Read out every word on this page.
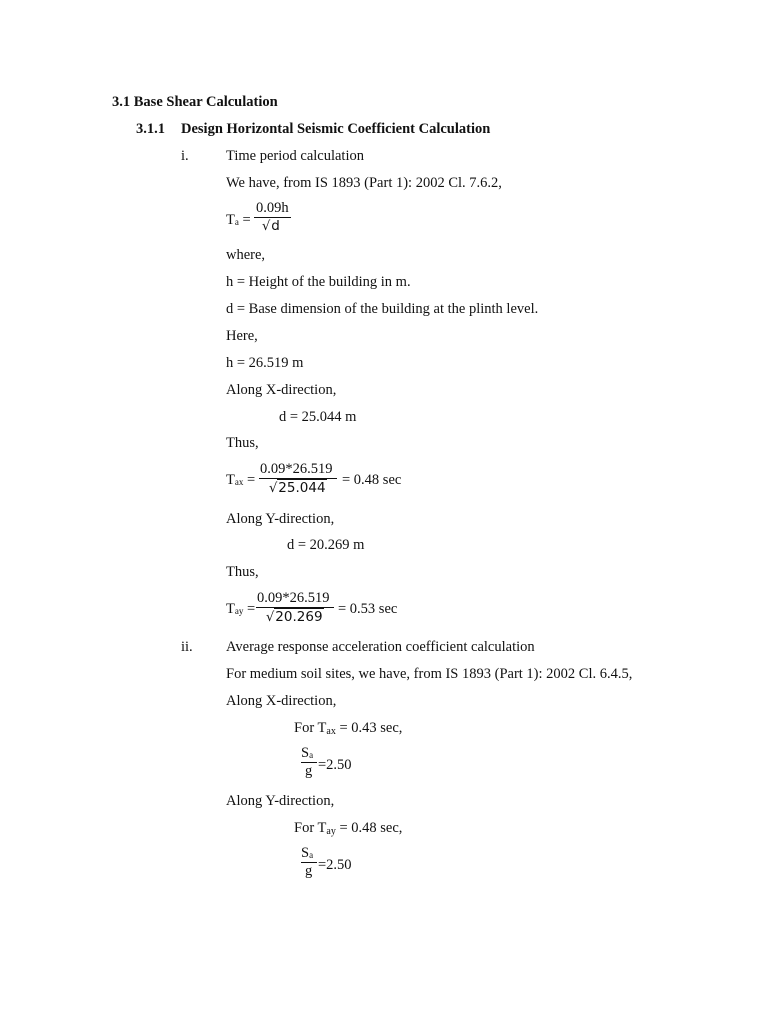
3.1 Base Shear Calculation
3.1.1 Design Horizontal Seismic Coefficient Calculation
i.	Time period calculation
We have, from IS 1893 (Part 1): 2002 Cl. 7.6.2,
$T_a$ =
0.09h
√d
where,
h = Height of the building in m.
d = Base dimension of the building at the plinth level.
Here,
h = 26.519 m
Along X-direction,
d = 25.044 m
Thus,
$T_{ax}$ =
0.09*26.519
√25.044 = 0.48 sec
Along Y-direction,
d = 20.269 m
Thus,
$T_{ay}$ =
0.09*26.519
√20.269 = 0.53 sec
ii. Average response acceleration coefficient calculation
For medium soil sites, we have, from IS 1893 (Part 1): 2002 Cl. 6.4.5,
Along X-direction,
For $T_{ax} = 0.43$ sec,
$S_a$
g =2.50
Along Y-direction,
For $T_{ay} = 0.48$ sec,
$S_a$
g =2.50
